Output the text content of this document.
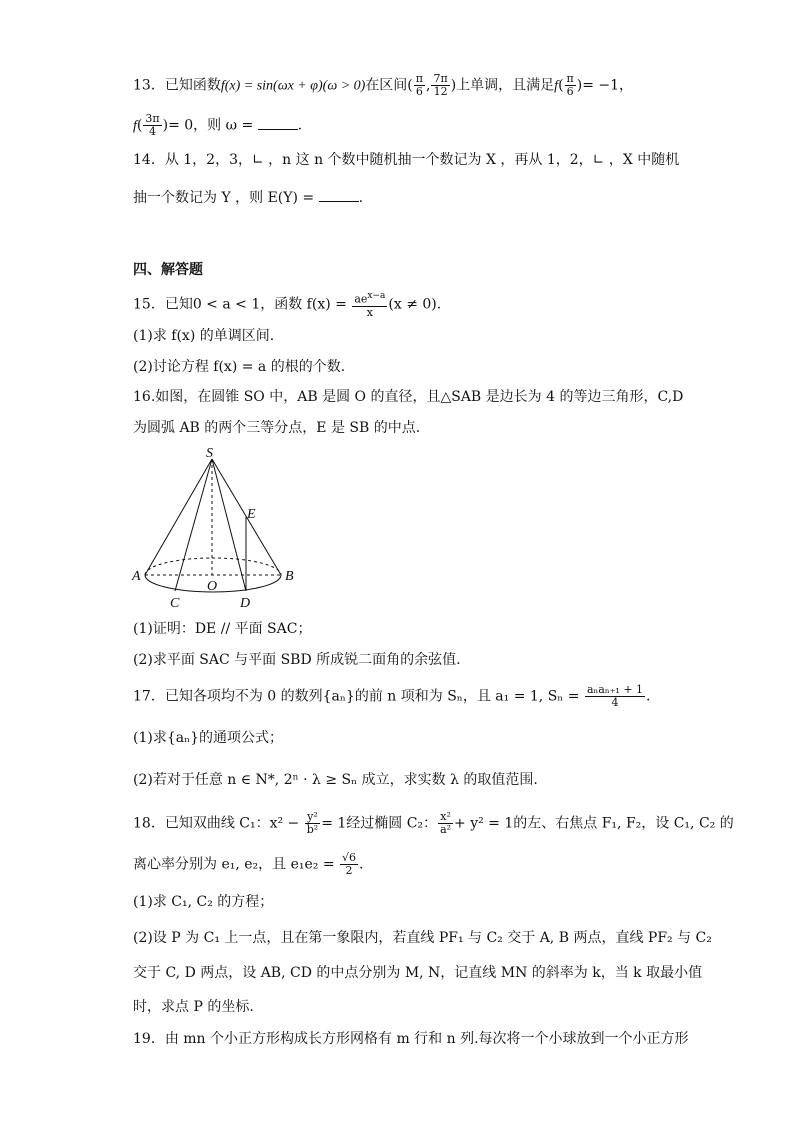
13．已知函数f(x) = sin(ωx + φ)(ω > 0)在区间( $\frac{\pi}{6}$ , $\frac{7\pi}{12}$ )上单调，且满足$f( \frac{\pi}{6}$ )= −1，
$f( \frac{3\pi}{4}$ )= 0，则 ω =	.
14．从 1，2，3，∟ ，n 这 n 个数中随机抽一个数记为 X ，再从 1，2，∟ ，X 中随机
抽一个数记为 Y ，则 E(Y) =	.
四、解答题
15．已知0 < a < 1，函数 $f(x) = \frac{ae^{x-a}}{x} (x \ne 0)$.
(1)求 f(x) 的单调区间.
(2)讨论方程 f(x) = a 的根的个数.
16.如图，在圆锥 SO 中，AB 是圆 O 的直径，且△SAB 是边长为 4 的等边三角形，C,D
为圆弧 AB 的两个三等分点，E 是 SB 的中点.
S
E
A	B
O
C	D
(1)证明：DE // 平面 SAC；
(2)求平面 SAC 与平面 SBD 所成锐二面角的余弦值.
17．已知各项均不为 0 的数列{aₙ}的前 n 项和为 Sₙ，且 a₁ = 1, $S_n = \frac{\text{aₙaₙ₊₁ + 1}}{4}$ .
(1)求{aₙ}的通项公式；
(2)若对于任意 n ∈ N*, 2ⁿ · λ ≥ Sₙ 成立，求实数 λ 的取值范围.
18．已知双曲线 C₁：$x^2 - \frac{\text{y²}}{\text{b²}} = 1$经过椭圆 C₂： $\frac{\text{x²}}{\text{a²}} + y^2 = 1$的左、右焦点 F₁, F₂，设 C₁, C₂ 的
离心率分别为 e₁, e₂，且 $e_1e_2 = \frac{√6}{2}$ .
(1)求 C₁, C₂ 的方程；
(2)设 P 为 C₁ 上一点，且在第一象限内，若直线 PF₁ 与 C₂ 交于 A, B 两点，直线 PF₂ 与 C₂
交于 C, D 两点，设 AB, CD 的中点分别为 M, N，记直线 MN 的斜率为 k，当 k 取最小值
时，求点 P 的坐标.
19．由 mn 个小正方形构成长方形网格有 m 行和 n 列.每次将一个小球放到一个小正方形
